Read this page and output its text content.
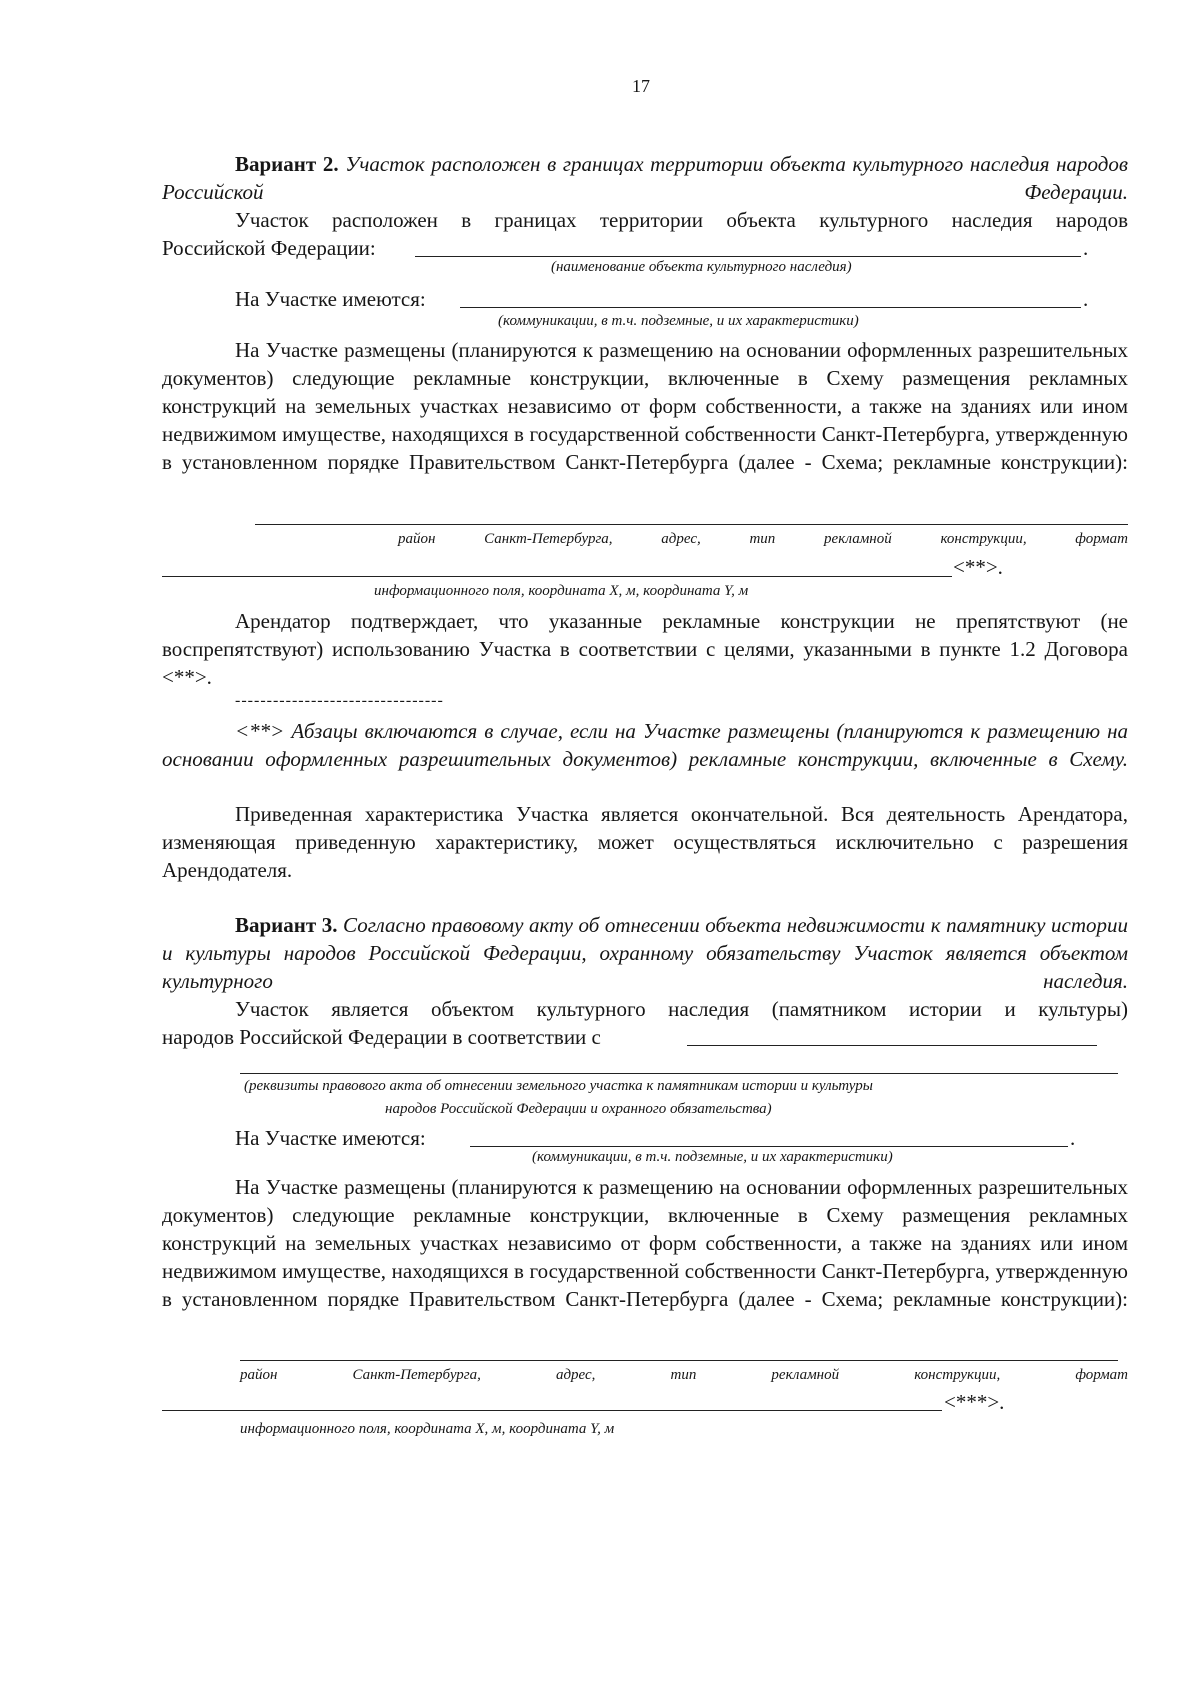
17
Вариант 2. Участок расположен в границах территории объекта культурного наследия народов Российской Федерации.
Участок расположен в границах территории объекта культурного наследия народов
Российской Федерации:	.
(наименование объекта культурного наследия)
На Участке имеются:	.
(коммуникации, в т.ч. подземные, и их характеристики)
На Участке размещены (планируются к размещению на основании оформленных разрешительных документов) следующие рекламные конструкции, включенные в Схему размещения рекламных конструкций на земельных участках независимо от форм собственности, а также на зданиях или ином недвижимом имуществе, находящихся в государственной собственности Санкт-Петербурга, утвержденную в установленном порядке Правительством Санкт-Петербурга (далее - Схема; рекламные конструкции):
район	Санкт-Петербурга,	адрес,	тип	рекламной	конструкции,	формат
<**>.
информационного поля, координата X, м, координата Y, м
Арендатор подтверждает, что указанные рекламные конструкции не препятствуют (не воспрепятствуют) использованию Участка в соответствии с целями, указанными в пункте 1.2 Договора <**>.
---------------------------------
<**> Абзацы включаются в случае, если на Участке размещены (планируются к размещению на основании оформленных разрешительных документов) рекламные конструкции, включенные в Схему.
Приведенная характеристика Участка является окончательной. Вся деятельность Арендатора, изменяющая приведенную характеристику, может осуществляться исключительно с разрешения Арендодателя.
Вариант 3. Согласно правовому акту об отнесении объекта недвижимости к памятнику истории и культуры народов Российской Федерации, охранному обязательству Участок является объектом культурного наследия.
Участок является объектом культурного наследия (памятником истории и культуры)
народов Российской Федерации в соответствии с
(реквизиты правового акта об отнесении земельного участка к памятникам истории и культуры
народов Российской Федерации и охранного обязательства)
На Участке имеются:	.
(коммуникации, в т.ч. подземные, и их характеристики)
На Участке размещены (планируются к размещению на основании оформленных разрешительных документов) следующие рекламные конструкции, включенные в Схему размещения рекламных конструкций на земельных участках независимо от форм собственности, а также на зданиях или ином недвижимом имуществе, находящихся в государственной собственности Санкт-Петербурга, утвержденную в установленном порядке Правительством Санкт-Петербурга (далее - Схема; рекламные конструкции):
район	Санкт-Петербурга,	адрес,	тип	рекламной	конструкции,	формат
<***>.
информационного поля, координата X, м, координата Y, м
